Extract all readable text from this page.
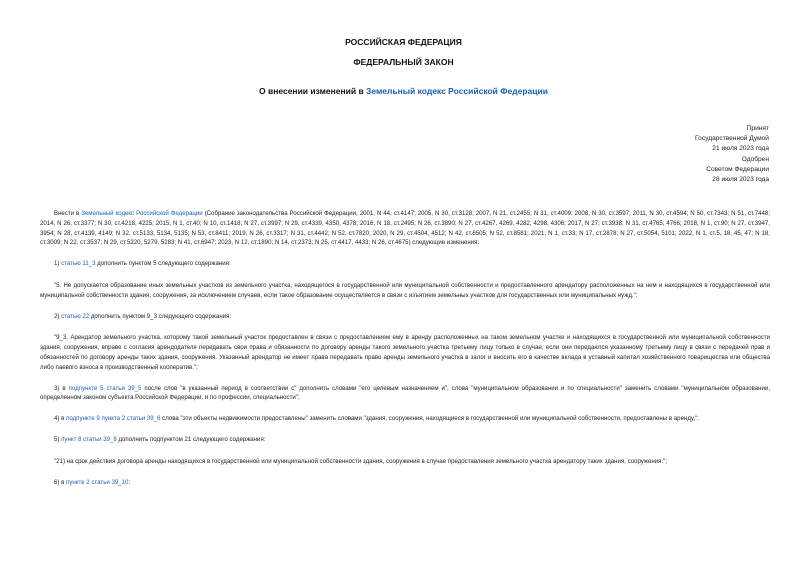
РОССИЙСКАЯ ФЕДЕРАЦИЯ
ФЕДЕРАЛЬНЫЙ ЗАКОН
О внесении изменений в Земельный кодекс Российской Федерации
Принят
Государственной Думой
21 июля 2023 года
Одобрен
Советом Федерации
28 июля 2023 года

Внести в Земельный кодекс Российской Федерации (Собрание законодательства Российской Федерации, 2001, N 44, ст.4147; 2005, N 30, ст.3128; 2007, N 21, ст.2455; N 31, ст.4009; 2008, N 30, ст.3597; 2011, N 30, ст.4594; N 50, ст.7343; N 51, ст.7448; 2014, N 26, ст.3377; N 30, ст.4218, 4225; 2015, N 1, ст.40; N 10, ст.1418; N 27, ст.3997; N 29, ст.4339, 4350, 4378; 2016, N 18, ст.2495; N 26, ст.3890; N 27, ст.4267, 4269, 4282, 4298, 4306; 2017, N 27, ст.3938; N 31, ст.4765, 4766; 2018, N 1, ст.90; N 27, ст.3947, 3954; N 28, ст.4139, 4149; N 32, ст.5133, 5134, 5135; N 53, ст.8411; 2019, N 26, ст.3317; N 31, ст.4442; N 52, ст.7820; 2020, N 29, ст.4504, 4512; N 42, ст.6505; N 52, ст.8581; 2021, N 1, ст.33; N 17, ст.2878; N 27, ст.5054, 5101; 2022, N 1, ст.5, 18, 45, 47; N 18, ст.3009; N 22, ст.3537; N 29, ст.5220, 5279, 5283; N 41, ст.6947; 2023, N 12, ст.1890; N 14, ст.2373; N 25, ст.4417, 4433; N 26, ст.4675) следующие изменения:

1) статью 11_3 дополнить пунктом 5 следующего содержания:

"5. Не допускается образование иных земельных участков из земельного участка, находящегося в государственной или муниципальной собственности и предоставленного арендатору расположенных на нем и находящихся в государственной или муниципальной собственности здания, сооружения, за исключением случаев, если такое образование осуществляется в связи с изъятием земельных участков для государственных или муниципальных нужд.";

2) статью 22 дополнить пунктом 9_3 следующего содержания:

"9_3. Арендатор земельного участка, которому такой земельный участок предоставлен в связи с предоставлением ему в аренду расположенных на таком земельном участке и находящихся в государственной или муниципальной собственности здания, сооружения, вправе с согласия арендодателя передавать свои права и обязанности по договору аренды такого земельного участка третьему лицу только в случае, если они передаются указанному третьему лицу в связи с передачей прав и обязанностей по договору аренды таких здания, сооружения. Указанный арендатор не имеет права передавать право аренды земельного участка в залог и вносить его в качестве вклада в уставный капитал хозяйственного товарищества или общества либо паевого взноса в производственный кооператив.";

3) в подпункте 5 статьи 39_5 после слов "в указанный период в соответствии с" дополнить словами "его целевым назначением и", слова "муниципальном образовании и по специальности" заменить словами "муниципальном образовании, определенном законом субъекта Российской Федерации, и по профессии, специальности";

4) в подпункте 9 пункта 2 статьи 39_6 слова "эти объекты недвижимости предоставлены" заменить словами "здания, сооружения, находящиеся в государственной или муниципальной собственности, предоставлены в аренду,";

5) пункт 8 статьи 39_8 дополнить подпунктом 21 следующего содержания:

"21) на срок действия договора аренды находящихся в государственной или муниципальной собственности здания, сооружения в случае предоставления земельного участка арендатору таких здания, сооружения.";

6) в пункте 2 статьи 39_10:
